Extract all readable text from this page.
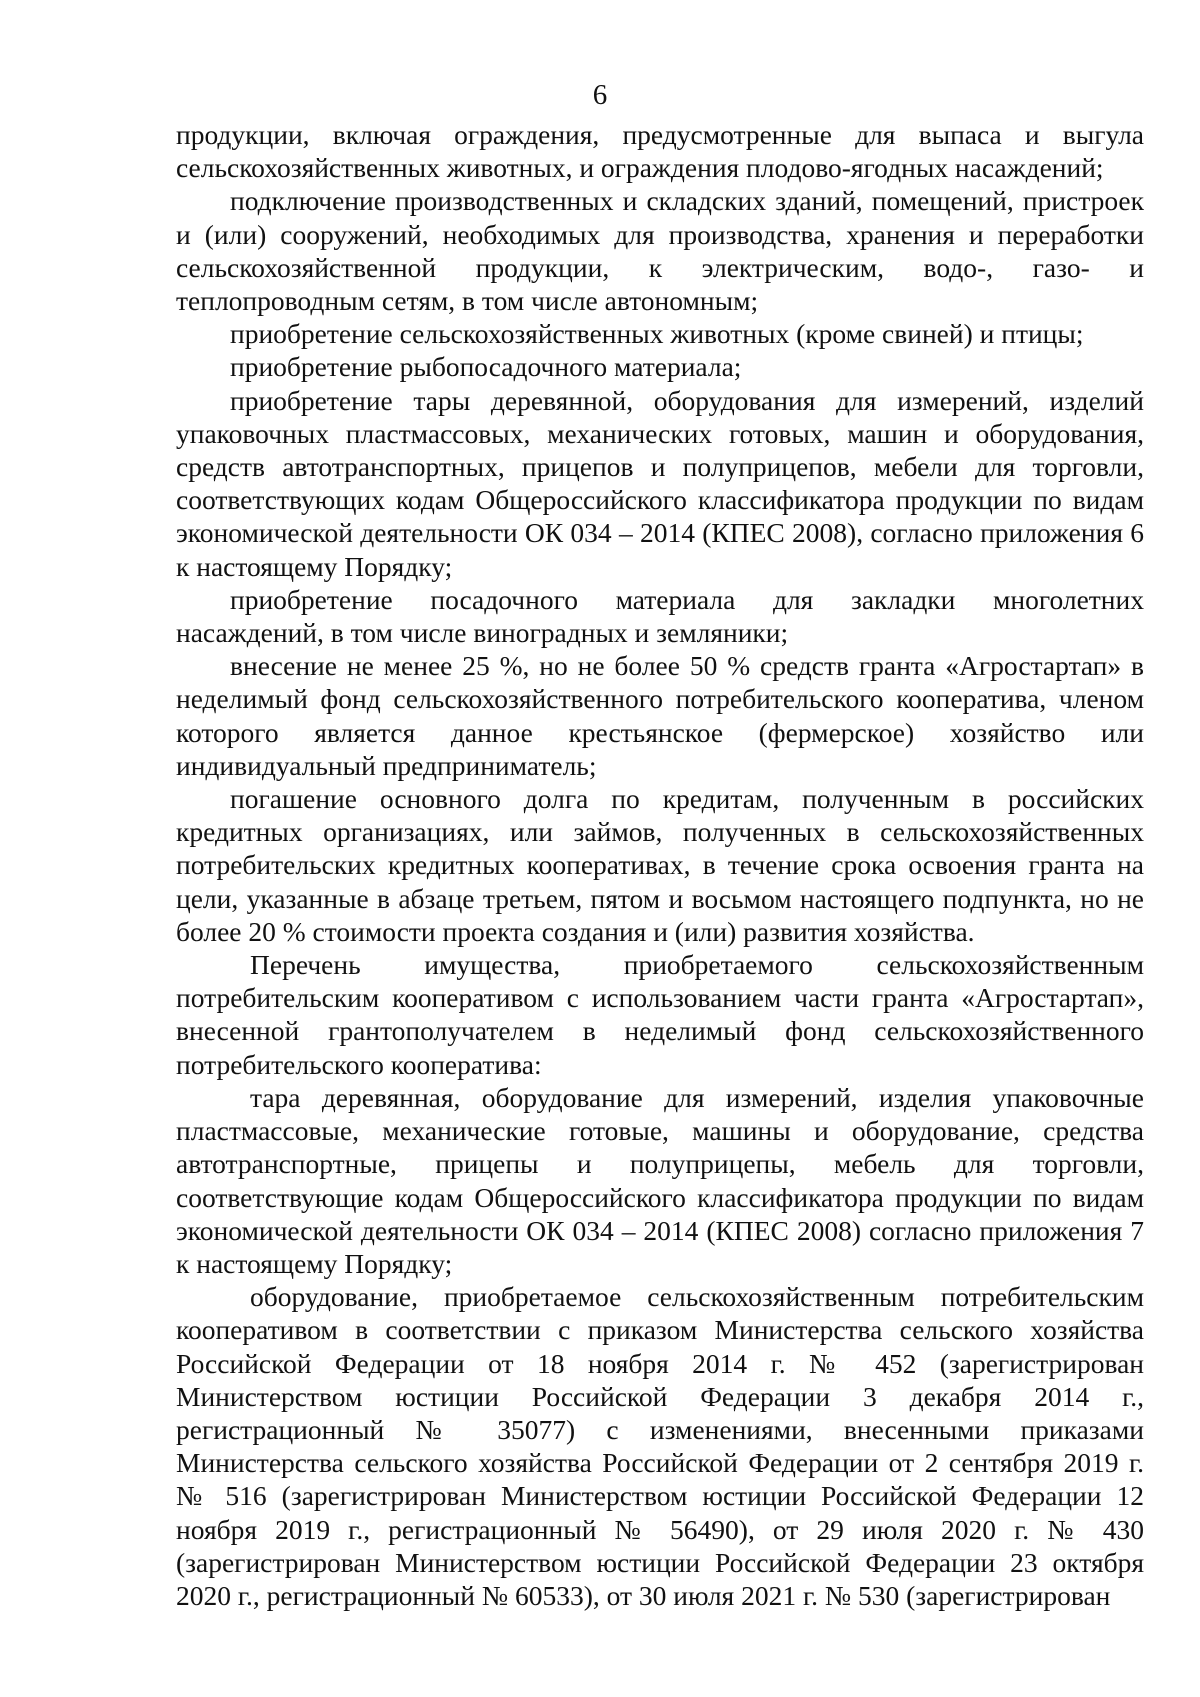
6

продукции, включая ограждения, предусмотренные для выпаса и выгула сельскохозяйственных животных, и ограждения плодово-ягодных насаждений;

подключение производственных и складских зданий, помещений, пристроек и (или) сооружений, необходимых для производства, хранения и переработки сельскохозяйственной продукции, к электрическим, водо-, газо- и теплопроводным сетям, в том числе автономным;

приобретение сельскохозяйственных животных (кроме свиней) и птицы;

приобретение рыбопосадочного материала;

приобретение тары деревянной, оборудования для измерений, изделий упаковочных пластмассовых, механических готовых, машин и оборудования, средств автотранспортных, прицепов и полуприцепов, мебели для торговли, соответствующих кодам Общероссийского классификатора продукции по видам экономической деятельности ОК 034 – 2014 (КПЕС 2008), согласно приложения 6 к настоящему Порядку;

приобретение посадочного материала для закладки многолетних насаждений, в том числе виноградных и земляники;

внесение не менее 25 %, но не более 50 % средств гранта «Агростартап» в неделимый фонд сельскохозяйственного потребительского кооператива, членом которого является данное крестьянское (фермерское) хозяйство или индивидуальный предприниматель;

погашение основного долга по кредитам, полученным в российских кредитных организациях, или займов, полученных в сельскохозяйственных потребительских кредитных кооперативах, в течение срока освоения гранта на цели, указанные в абзаце третьем, пятом и восьмом настоящего подпункта, но не более 20 % стоимости проекта создания и (или) развития хозяйства.

Перечень имущества, приобретаемого сельскохозяйственным потребительским кооперативом с использованием части гранта «Агростартап», внесенной грантополучателем в неделимый фонд сельскохозяйственного потребительского кооператива:

тара деревянная, оборудование для измерений, изделия упаковочные пластмассовые, механические готовые, машины и оборудование, средства автотранспортные, прицепы и полуприцепы, мебель для торговли, соответствующие кодам Общероссийского классификатора продукции по видам экономической деятельности ОК 034 – 2014 (КПЕС 2008) согласно приложения 7 к настоящему Порядку;

оборудование, приобретаемое сельскохозяйственным потребительским кооперативом в соответствии с приказом Министерства сельского хозяйства Российской Федерации от 18 ноября 2014 г. № 452 (зарегистрирован Министерством юстиции Российской Федерации 3 декабря 2014 г., регистрационный № 35077) с изменениями, внесенными приказами Министерства сельского хозяйства Российской Федерации от 2 сентября 2019 г. № 516 (зарегистрирован Министерством юстиции Российской Федерации 12 ноября 2019 г., регистрационный № 56490), от 29 июля 2020 г. № 430 (зарегистрирован Министерством юстиции Российской Федерации 23 октября 2020 г., регистрационный № 60533), от 30 июля 2021 г. № 530 (зарегистрирован
